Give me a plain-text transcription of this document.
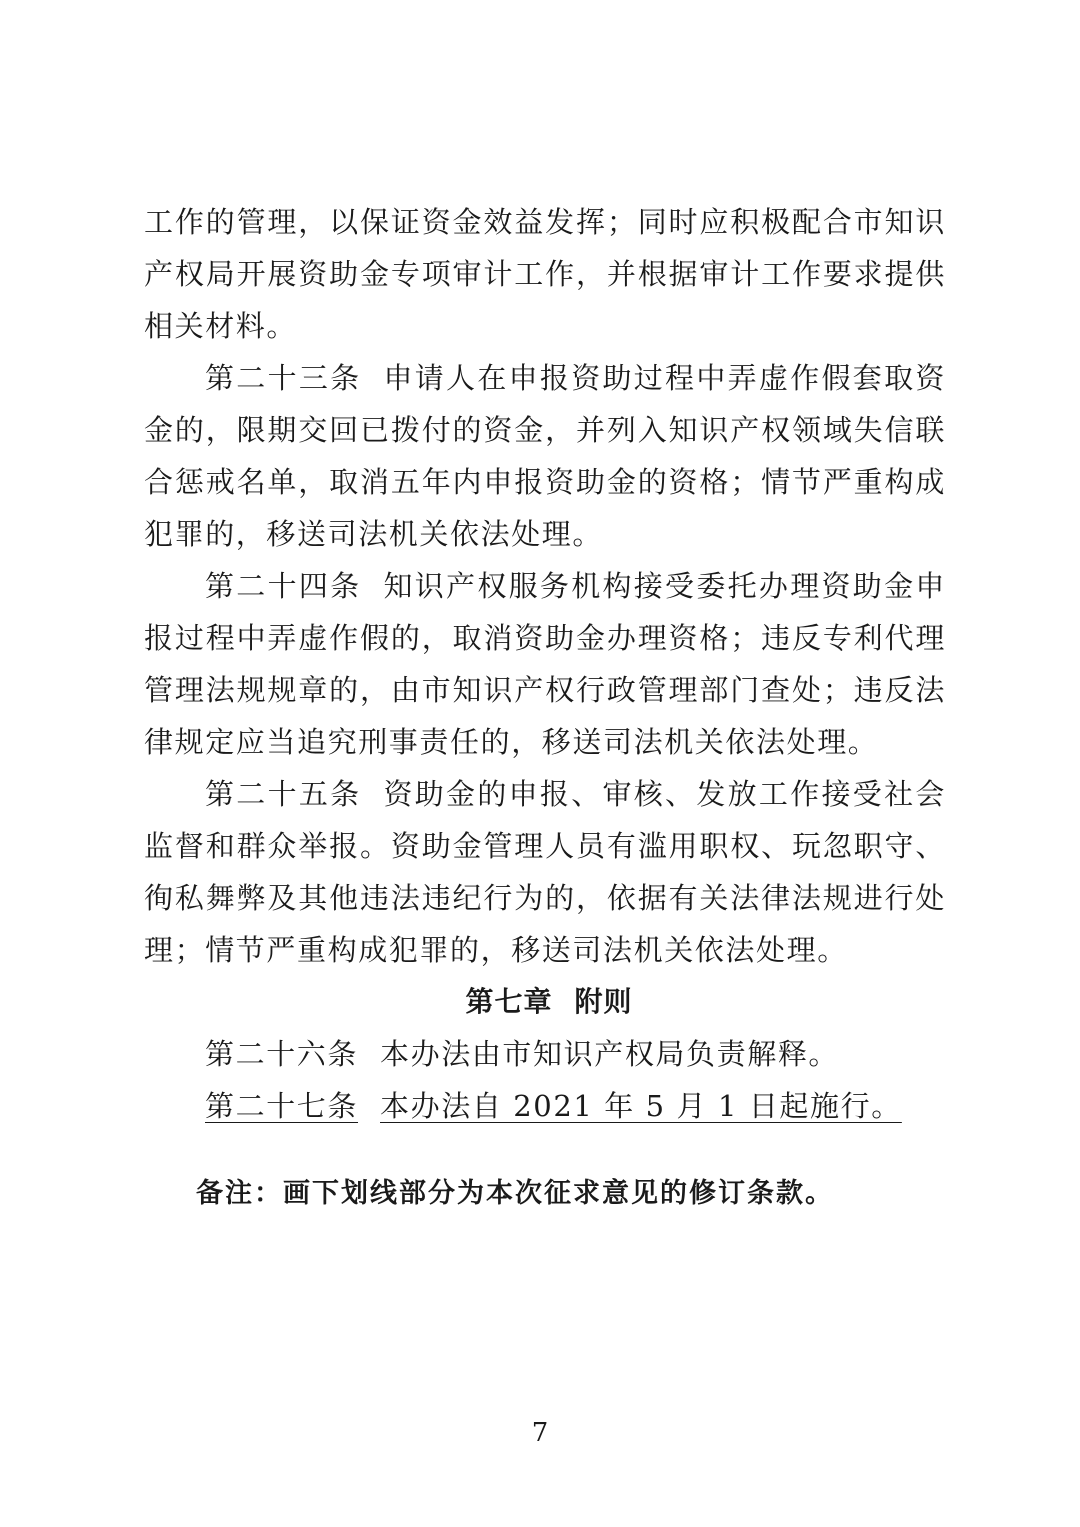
工作的管理，以保证资金效益发挥；同时应积极配合市知识产权局开展资助金专项审计工作，并根据审计工作要求提供相关材料。

第二十三条 申请人在申报资助过程中弄虚作假套取资金的，限期交回已拨付的资金，并列入知识产权领域失信联合惩戒名单，取消五年内申报资助金的资格；情节严重构成犯罪的，移送司法机关依法处理。

第二十四条 知识产权服务机构接受委托办理资助金申报过程中弄虚作假的，取消资助金办理资格；违反专利代理管理法规规章的，由市知识产权行政管理部门查处；违反法律规定应当追究刑事责任的，移送司法机关依法处理。

第二十五条 资助金的申报、审核、发放工作接受社会监督和群众举报。资助金管理人员有滥用职权、玩忽职守、徇私舞弊及其他违法违纪行为的，依据有关法律法规进行处理；情节严重构成犯罪的，移送司法机关依法处理。

第七章 附则

第二十六条 本办法由市知识产权局负责解释。

第二十七条 本办法自 2021 年 5 月 1 日起施行。

备注：画下划线部分为本次征求意见的修订条款。

7
